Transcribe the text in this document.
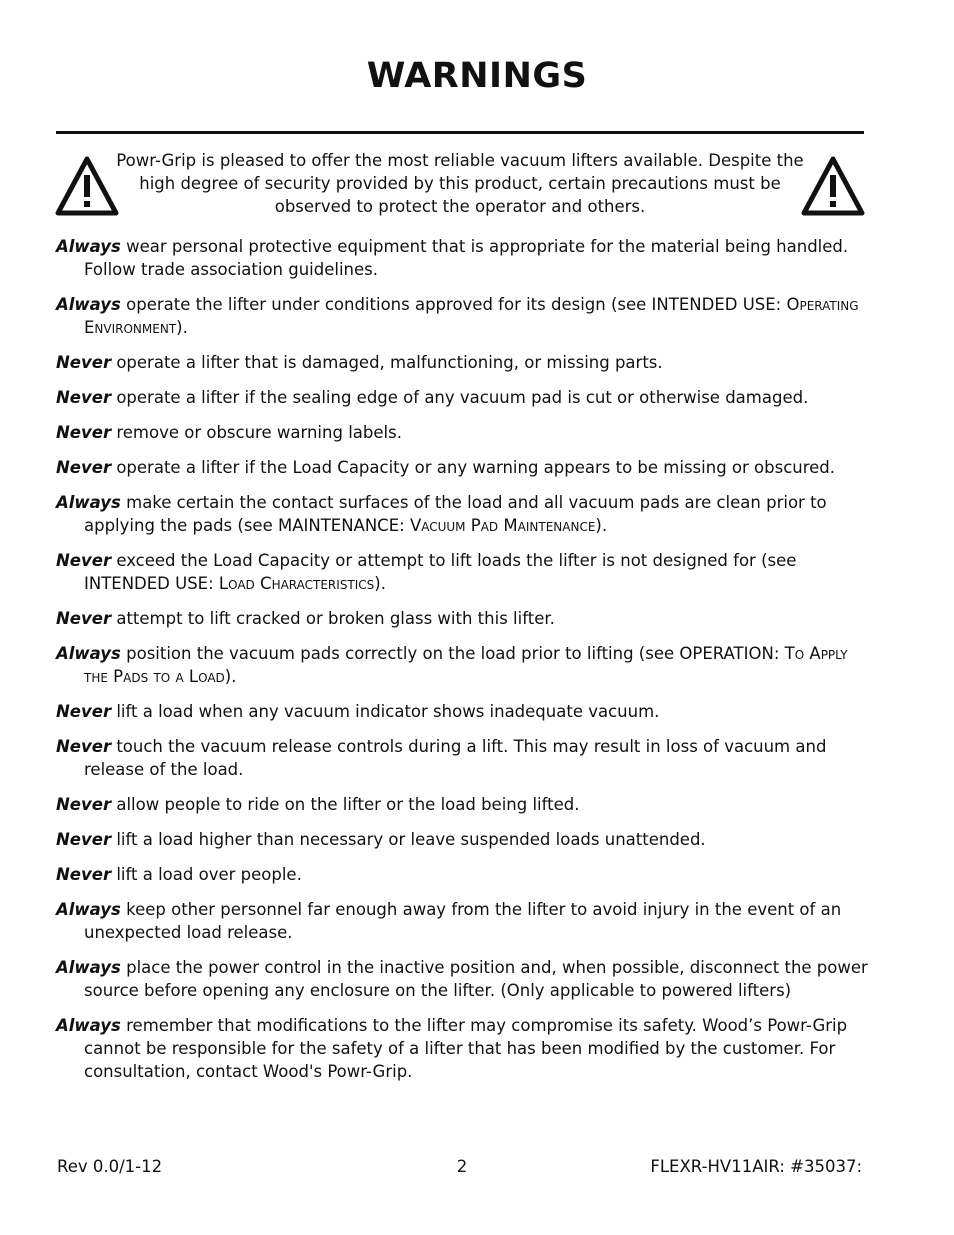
WARNINGS

Powr-Grip is pleased to offer the most reliable vacuum lifters available. Despite the high degree of security provided by this product, certain precautions must be observed to protect the operator and others.

Always wear personal protective equipment that is appropriate for the material being handled. Follow trade association guidelines.

Always operate the lifter under conditions approved for its design (see INTENDED USE: Operating Environment).

Never operate a lifter that is damaged, malfunctioning, or missing parts.

Never operate a lifter if the sealing edge of any vacuum pad is cut or otherwise damaged.

Never remove or obscure warning labels.

Never operate a lifter if the Load Capacity or any warning appears to be missing or obscured.

Always make certain the contact surfaces of the load and all vacuum pads are clean prior to applying the pads (see MAINTENANCE: Vacuum Pad Maintenance).

Never exceed the Load Capacity or attempt to lift loads the lifter is not designed for (see INTENDED USE: Load Characteristics).

Never attempt to lift cracked or broken glass with this lifter.

Always position the vacuum pads correctly on the load prior to lifting (see OPERATION: To Apply the Pads to a Load).

Never lift a load when any vacuum indicator shows inadequate vacuum.

Never touch the vacuum release controls during a lift. This may result in loss of vacuum and release of the load.

Never allow people to ride on the lifter or the load being lifted.

Never lift a load higher than necessary or leave suspended loads unattended.

Never lift a load over people.

Always keep other personnel far enough away from the lifter to avoid injury in the event of an unexpected load release.

Always place the power control in the inactive position and, when possible, disconnect the power source before opening any enclosure on the lifter. (Only applicable to powered lifters)

Always remember that modifications to the lifter may compromise its safety. Wood’s Powr-Grip cannot be responsible for the safety of a lifter that has been modified by the customer. For consultation, contact Wood's Powr-Grip.

Rev 0.0/1-12	2	FLEXR-HV11AIR: #35037:
